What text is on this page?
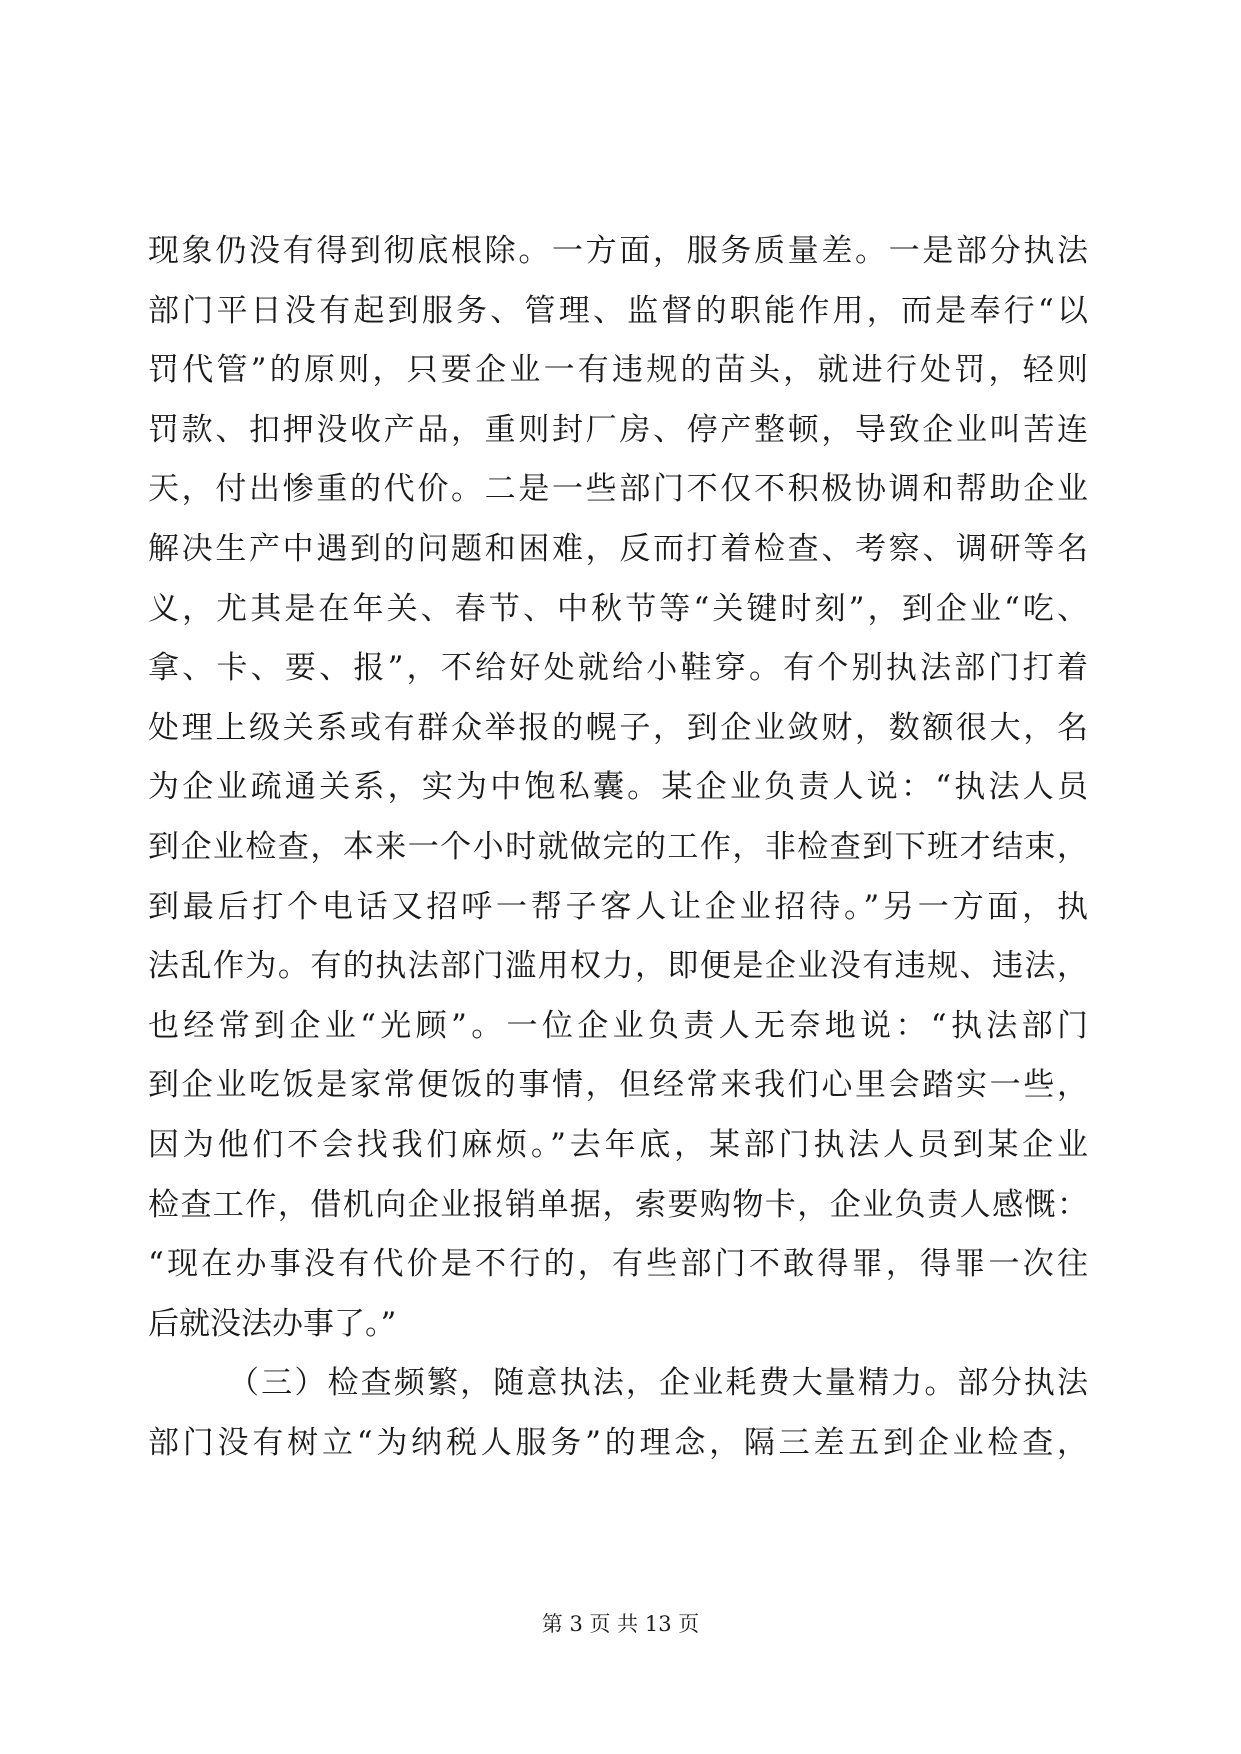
现象仍没有得到彻底根除。一方面，服务质量差。一是部分执法
部门平日没有起到服务、管理、监督的职能作用，而是奉行“以
罚代管”的原则，只要企业一有违规的苗头，就进行处罚，轻则
罚款、扣押没收产品，重则封厂房、停产整顿，导致企业叫苦连
天，付出惨重的代价。二是一些部门不仅不积极协调和帮助企业
解决生产中遇到的问题和困难，反而打着检查、考察、调研等名
义，尤其是在年关、春节、中秋节等“关键时刻”，到企业“吃、
拿、卡、要、报”，不给好处就给小鞋穿。有个别执法部门打着
处理上级关系或有群众举报的幌子，到企业敛财，数额很大，名
为企业疏通关系，实为中饱私囊。某企业负责人说：“执法人员
到企业检查，本来一个小时就做完的工作，非检查到下班才结束，
到最后打个电话又招呼一帮子客人让企业招待。”另一方面，执
法乱作为。有的执法部门滥用权力，即便是企业没有违规、违法，
也经常到企业“光顾”。一位企业负责人无奈地说：“执法部门
到企业吃饭是家常便饭的事情，但经常来我们心里会踏实一些，
因为他们不会找我们麻烦。”去年底，某部门执法人员到某企业
检查工作，借机向企业报销单据，索要购物卡，企业负责人感慨：
“现在办事没有代价是不行的，有些部门不敢得罪，得罪一次往
后就没法办事了。”
（三）检查频繁，随意执法，企业耗费大量精力。部分执法
部门没有树立“为纳税人服务”的理念，隔三差五到企业检查，
第 3 页 共 13 页
